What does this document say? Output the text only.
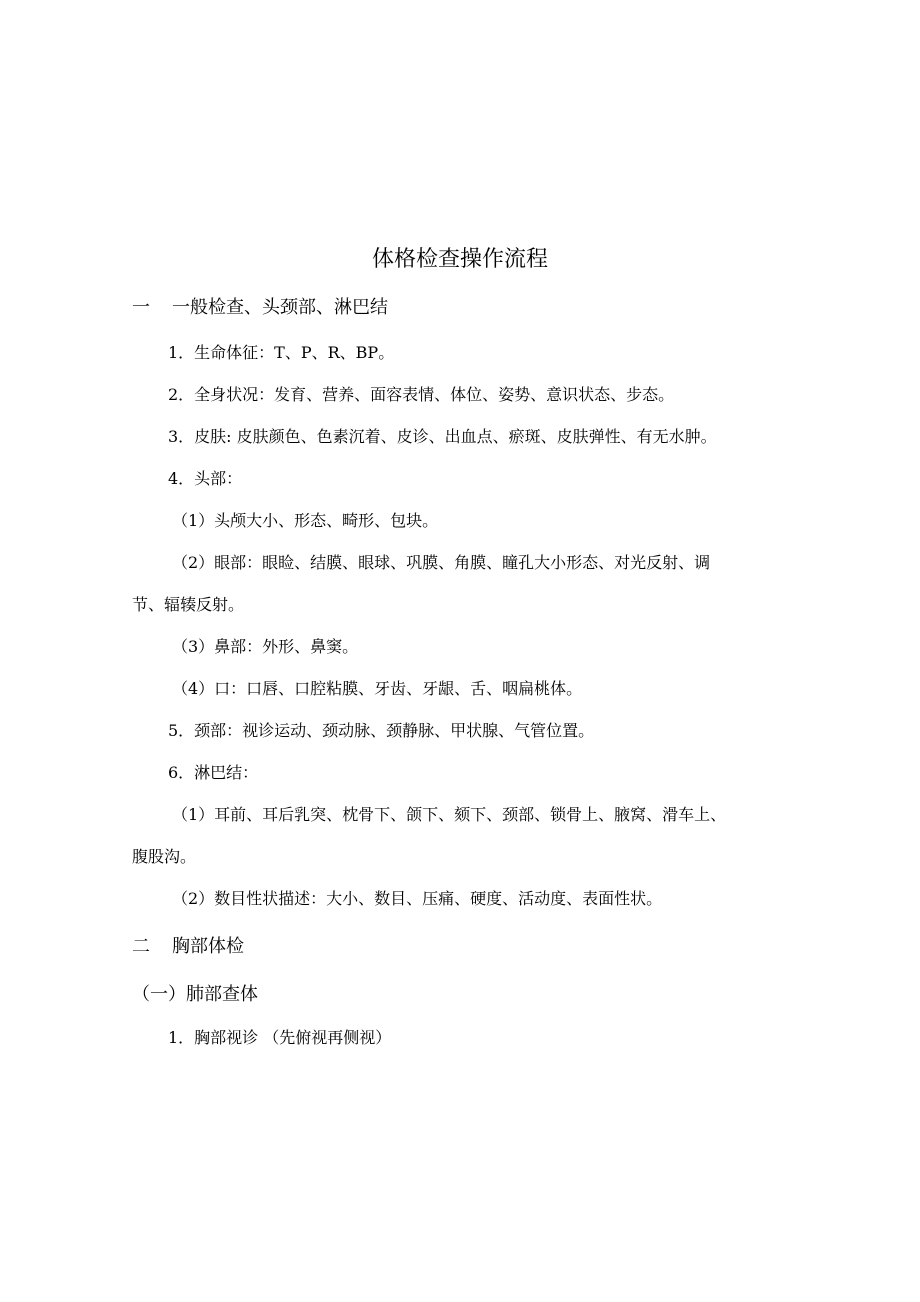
体格检查操作流程
一 一般检查、头颈部、淋巴结
1．生命体征：T、P、R、BP。
2．全身状况：发育、营养、面容表情、体位、姿势、意识状态、步态。
3．皮肤: 皮肤颜色、色素沉着、皮诊、出血点、瘀斑、皮肤弹性、有无水肿。
4．头部：
（1）头颅大小、形态、畸形、包块。
（2）眼部：眼睑、结膜、眼球、巩膜、角膜、瞳孔大小形态、对光反射、调
节、辐辏反射。
（3）鼻部：外形、鼻窦。
（4）口：口唇、口腔粘膜、牙齿、牙龈、舌、咽扁桃体。
5．颈部：视诊运动、颈动脉、颈静脉、甲状腺、气管位置。
6．淋巴结：
（1）耳前、耳后乳突、枕骨下、颌下、颏下、颈部、锁骨上、腋窝、滑车上、
腹股沟。
（2）数目性状描述：大小、数目、压痛、硬度、活动度、表面性状。
二 胸部体检
（一）肺部查体
1．胸部视诊 （先俯视再侧视）
